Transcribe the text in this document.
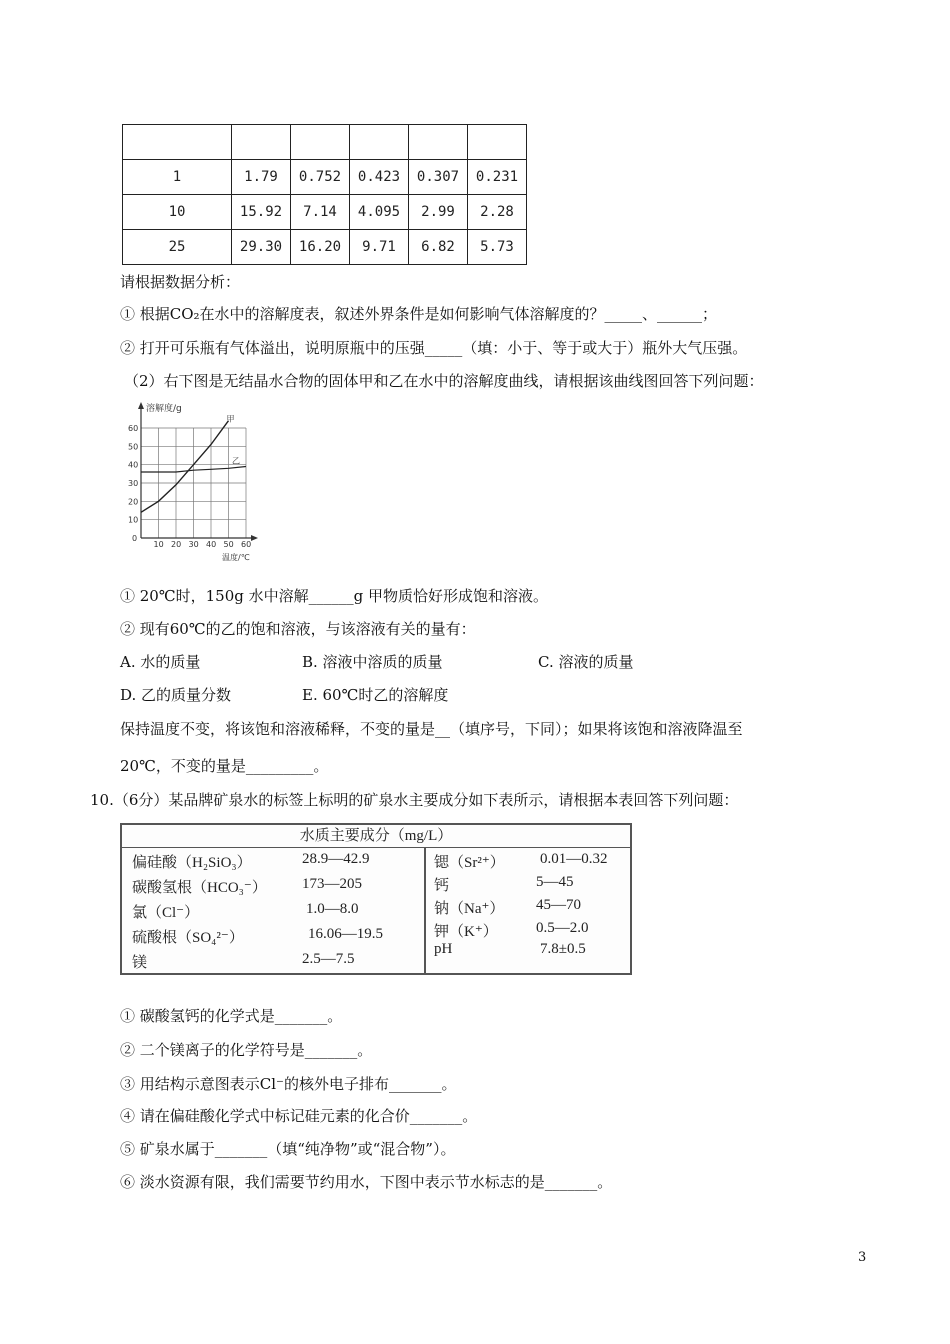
1	1.79	0.752	0.423	0.307	0.231
10	15.92	7.14	4.095	2.99	2.28
25	29.30	16.20	9.71	6.82	5.73
请根据数据分析：
① 根据CO₂在水中的溶解度表，叙述外界条件是如何影响气体溶解度的？_____、______；
② 打开可乐瓶有气体溢出，说明原瓶中的压强_____（填：小于、等于或大于）瓶外大气压强。
（2）右下图是无结晶水合物的固体甲和乙在水中的溶解度曲线，请根据该曲线图回答下列问题：
溶解度/g
温度/℃
10 20 30 40 50 60
0
10
20
30
40
50
60
甲
乙
① 20℃时，150g 水中溶解______g 甲物质恰好形成饱和溶液。
② 现有60℃的乙的饱和溶液，与该溶液有关的量有：
A. 水的质量	B. 溶液中溶质的质量	C. 溶液的质量
D. 乙的质量分数	E. 60℃时乙的溶解度
保持温度不变，将该饱和溶液稀释，不变的量是__（填序号，下同）；如果将该饱和溶液降温至
20℃，不变的量是_________。
10.（6分）某品牌矿泉水的标签上标明的矿泉水主要成分如下表所示，请根据本表回答下列问题：
水质主要成分（mg/L）
偏硅酸（H₂SiO₃）	28.9—42.9
碳酸氢根（HCO₃⁻） 173—205
氯（Cl⁻）	1.0—8.0
硫酸根（SO₄²⁻）	16.06—19.5
镁	2.5—7.5
锶（Sr²⁺） 0.01—0.32
钙	5—45
钠（Na⁺） 45—70
钾（K⁺）	0.5—2.0
pH	7.8±0.5
① 碳酸氢钙的化学式是_______。
② 二个镁离子的化学符号是_______。
③ 用结构示意图表示Cl⁻的核外电子排布_______。
④ 请在偏硅酸化学式中标记硅元素的化合价_______。
⑤ 矿泉水属于_______（填“纯净物”或“混合物”）。
⑥ 淡水资源有限，我们需要节约用水，下图中表示节水标志的是_______。
3
